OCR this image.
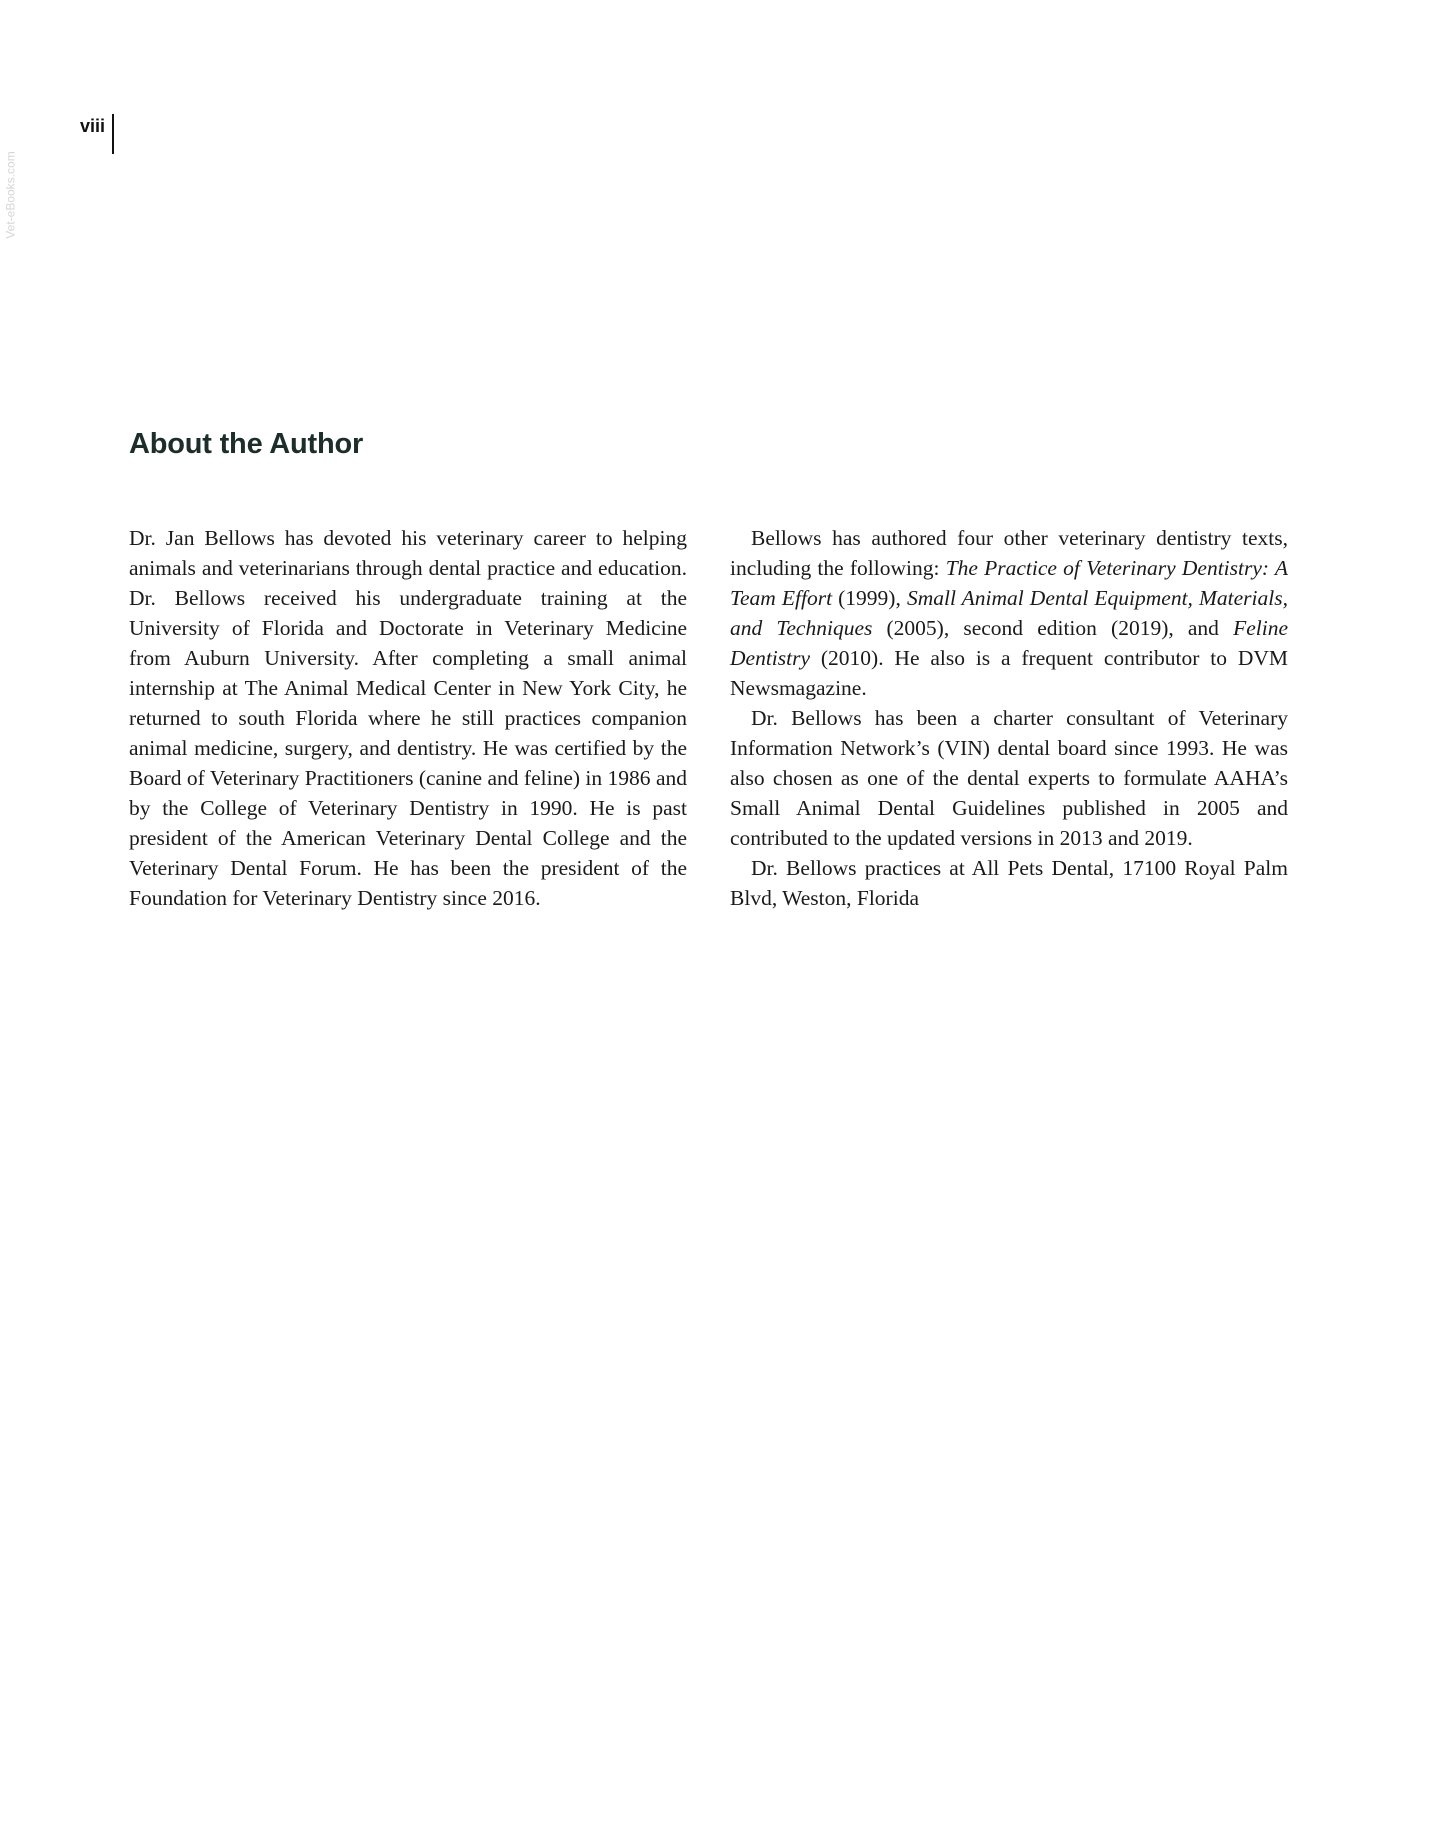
viii
Vet-eBooks.com
About the Author

Dr. Jan Bellows has devoted his veterinary career to helping animals and veterinarians through dental practice and education. Dr. Bellows received his undergraduate training at the University of Florida and Doctorate in Veterinary Medicine from Auburn University. After completing a small animal internship at The Animal Medical Center in New York City, he returned to south Florida where he still practices companion animal medicine, surgery, and dentistry. He was certified by the Board of Veterinary Practitioners (canine and feline) in 1986 and by the College of Veterinary Dentistry in 1990. He is past president of the American Veterinary Dental College and the Veterinary Dental Forum. He has been the president of the Foundation for Veterinary Dentistry since 2016.

Bellows has authored four other veterinary dentistry texts, including the following: The Practice of Veterinary Dentistry: A Team Effort (1999), Small Animal Dental Equipment, Materials, and Techniques (2005), second edition (2019), and Feline Dentistry (2010). He also is a frequent contributor to DVM Newsmagazine.

Dr. Bellows has been a charter consultant of Veterinary Information Network’s (VIN) dental board since 1993. He was also chosen as one of the dental experts to formulate AAHA’s Small Animal Dental Guidelines published in 2005 and contributed to the updated versions in 2013 and 2019.

Dr. Bellows practices at All Pets Dental, 17100 Royal Palm Blvd, Weston, Florida
